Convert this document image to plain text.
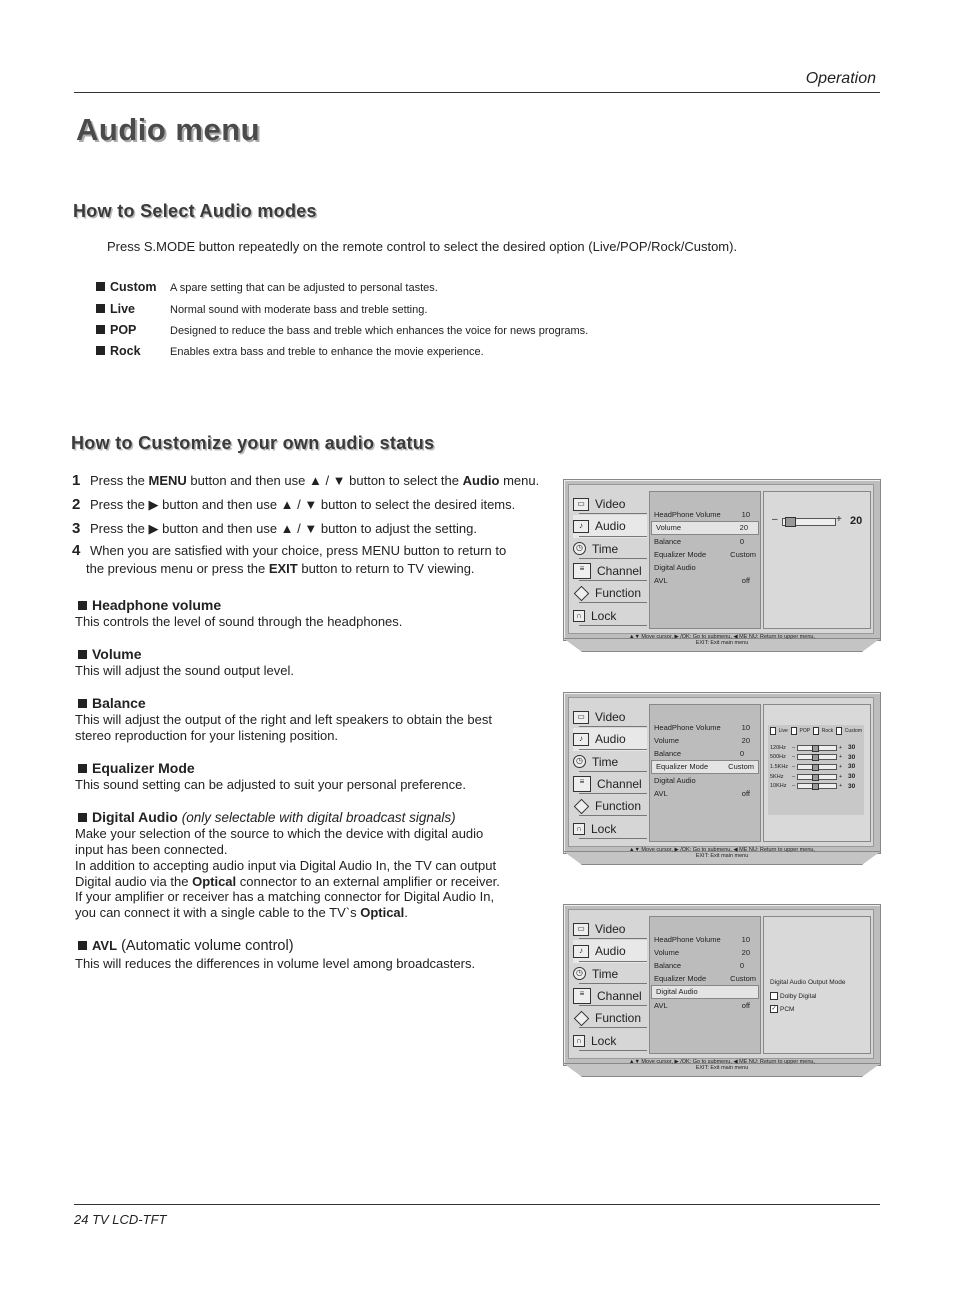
Operation
Audio menu
How to Select Audio modes
Press S.MODE button repeatedly on the remote control to select the desired option (Live/POP/Rock/Custom).
Custom A spare setting that can be adjusted to personal tastes.
Live	Normal sound with moderate bass and treble setting.
POP	Designed to reduce the bass and treble which enhances the voice for news programs.
Rock	Enables extra bass and treble to enhance the movie experience.
How to Customize your own audio status
1 Press the MENU button and then use ▲ / ▼ button to select the Audio menu.
2 Press the ▶ button and then use ▲ / ▼ button to select the desired items.
3 Press the ▶ button and then use ▲ / ▼ button to adjust the setting.
4 When you are satisfied with your choice, press MENU button to return to
the previous menu or press the EXIT button to return to TV viewing.
Headphone volume
This controls the level of sound through the headphones.
Volume
This will adjust the sound output level.
Balance
This will adjust the output of the right and left speakers to obtain the best
stereo reproduction for your listening position.
Equalizer Mode
This sound setting can be adjusted to suit your personal preference.
Digital Audio (only selectable with digital broadcast signals)
Make your selection of the source to which the device with digital audio
input has been connected.
In addition to accepting audio input via Digital Audio In, the TV can output
Digital audio via the Optical connector to an external amplifier or receiver.
If your amplifier or receiver has a matching connector for Digital Audio In,
you can connect it with a single cable to the TV`s Optical.
AVL (Automatic volume control)
This will reduces the differences in volume level among broadcasters.
▭ Video
♪	Audio
◷ Time
≡	Channel
Function
∩ Lock
HeadPhone Volume	10
Volume	20
Balance	0
Equalizer Mode	Custom
Digital Audio
AVL	off
–	+ 20
▲▼ Move cursor, ▶ /OK: Go to submenu, ◀ ME NU: Return to upper menu,
EXIT: Exit main menu
▭ Video
♪	Audio
◷ Time
≡	Channel
Function
∩ Lock
HeadPhone Volume	10
Volume	20
Balance	0
Equalizer Mode	Custom
Digital Audio
AVL	off
Live POP Rock Custom
120Hz	–	+ 30
500Hz	–	+ 30
1.5KHz –	+ 30
5KHz	–	+ 30
10KHz –	+ 30
▲▼ Move cursor, ▶ /OK: Go to submenu, ◀ ME NU: Return to upper menu,
EXIT: Exit main menu
▭ Video
♪	Audio
◷ Time
≡	Channel
Function
∩ Lock
HeadPhone Volume	10
Volume	20
Balance	0
Equalizer Mode	Custom
Digital Audio
AVL	off
Digital Audio Output Mode
Dolby Digital
✓ PCM
▲▼ Move cursor, ▶ /OK: Go to submenu, ◀ ME NU: Return to upper menu,
EXIT: Exit main menu
24 TV LCD-TFT
